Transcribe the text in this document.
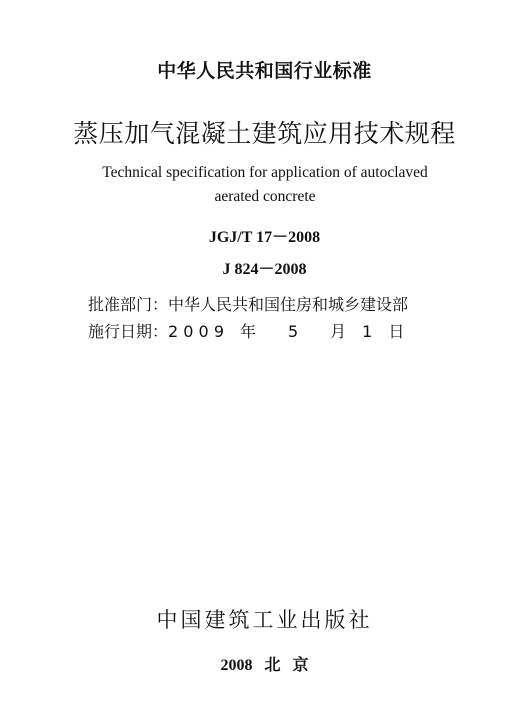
中华人民共和国行业标准
蒸压加气混凝土建筑应用技术规程
Technical specification for application of autoclaved aerated concrete
JGJ/T 17－2008
J 824－2008
批准部门：中华人民共和国住房和城乡建设部
施行日期：2 0 0 9　年　　5　　月　1　日
中国建筑工业出版社
2008 北 京
